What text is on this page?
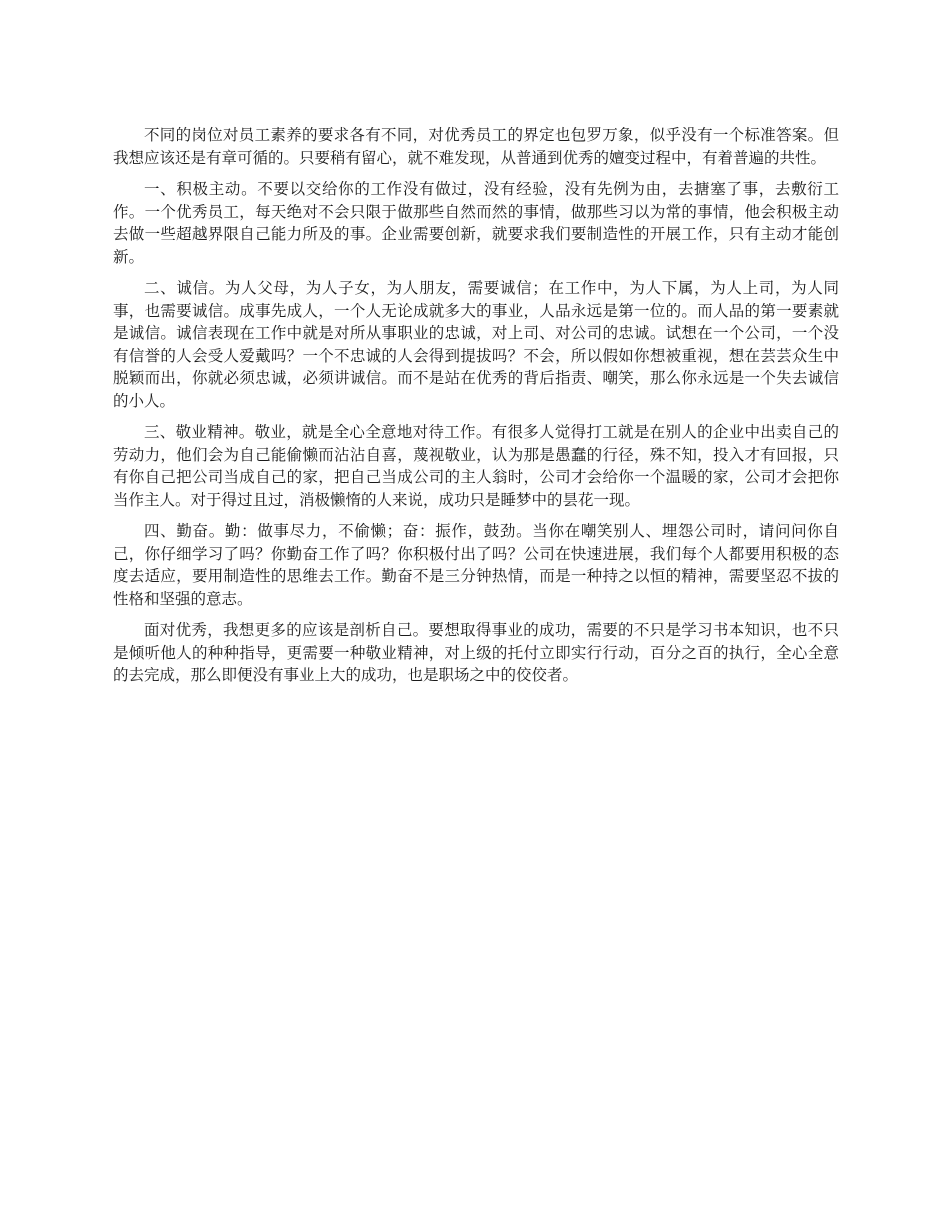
不同的岗位对员工素养的要求各有不同，对优秀员工的界定也包罗万象，似乎没有一个标准答案。但我想应该还是有章可循的。只要稍有留心，就不难发现，从普通到优秀的嬗变过程中，有着普遍的共性。

一、积极主动。不要以交给你的工作没有做过，没有经验，没有先例为由，去搪塞了事，去敷衍工作。一个优秀员工，每天绝对不会只限于做那些自然而然的事情，做那些习以为常的事情，他会积极主动去做一些超越界限自己能力所及的事。企业需要创新，就要求我们要制造性的开展工作，只有主动才能创新。

二、诚信。为人父母，为人子女，为人朋友，需要诚信；在工作中，为人下属，为人上司，为人同事，也需要诚信。成事先成人，一个人无论成就多大的事业，人品永远是第一位的。而人品的第一要素就是诚信。诚信表现在工作中就是对所从事职业的忠诚，对上司、对公司的忠诚。试想在一个公司，一个没有信誉的人会受人爱戴吗？一个不忠诚的人会得到提拔吗？不会，所以假如你想被重视，想在芸芸众生中脱颖而出，你就必须忠诚，必须讲诚信。而不是站在优秀的背后指责、嘲笑，那么你永远是一个失去诚信的小人。

三、敬业精神。敬业，就是全心全意地对待工作。有很多人觉得打工就是在别人的企业中出卖自己的劳动力，他们会为自己能偷懒而沾沾自喜，蔑视敬业，认为那是愚蠢的行径，殊不知，投入才有回报，只有你自己把公司当成自己的家，把自己当成公司的主人翁时，公司才会给你一个温暖的家，公司才会把你当作主人。对于得过且过，消极懒惰的人来说，成功只是睡梦中的昙花一现。

四、勤奋。勤：做事尽力，不偷懒；奋：振作，鼓劲。当你在嘲笑别人、埋怨公司时，请问问你自己，你仔细学习了吗？你勤奋工作了吗？你积极付出了吗？公司在快速进展，我们每个人都要用积极的态度去适应，要用制造性的思维去工作。勤奋不是三分钟热情，而是一种持之以恒的精神，需要坚忍不拔的性格和坚强的意志。

面对优秀，我想更多的应该是剖析自己。要想取得事业的成功，需要的不只是学习书本知识，也不只是倾听他人的种种指导，更需要一种敬业精神，对上级的托付立即实行行动，百分之百的执行，全心全意的去完成，那么即便没有事业上大的成功，也是职场之中的佼佼者。
